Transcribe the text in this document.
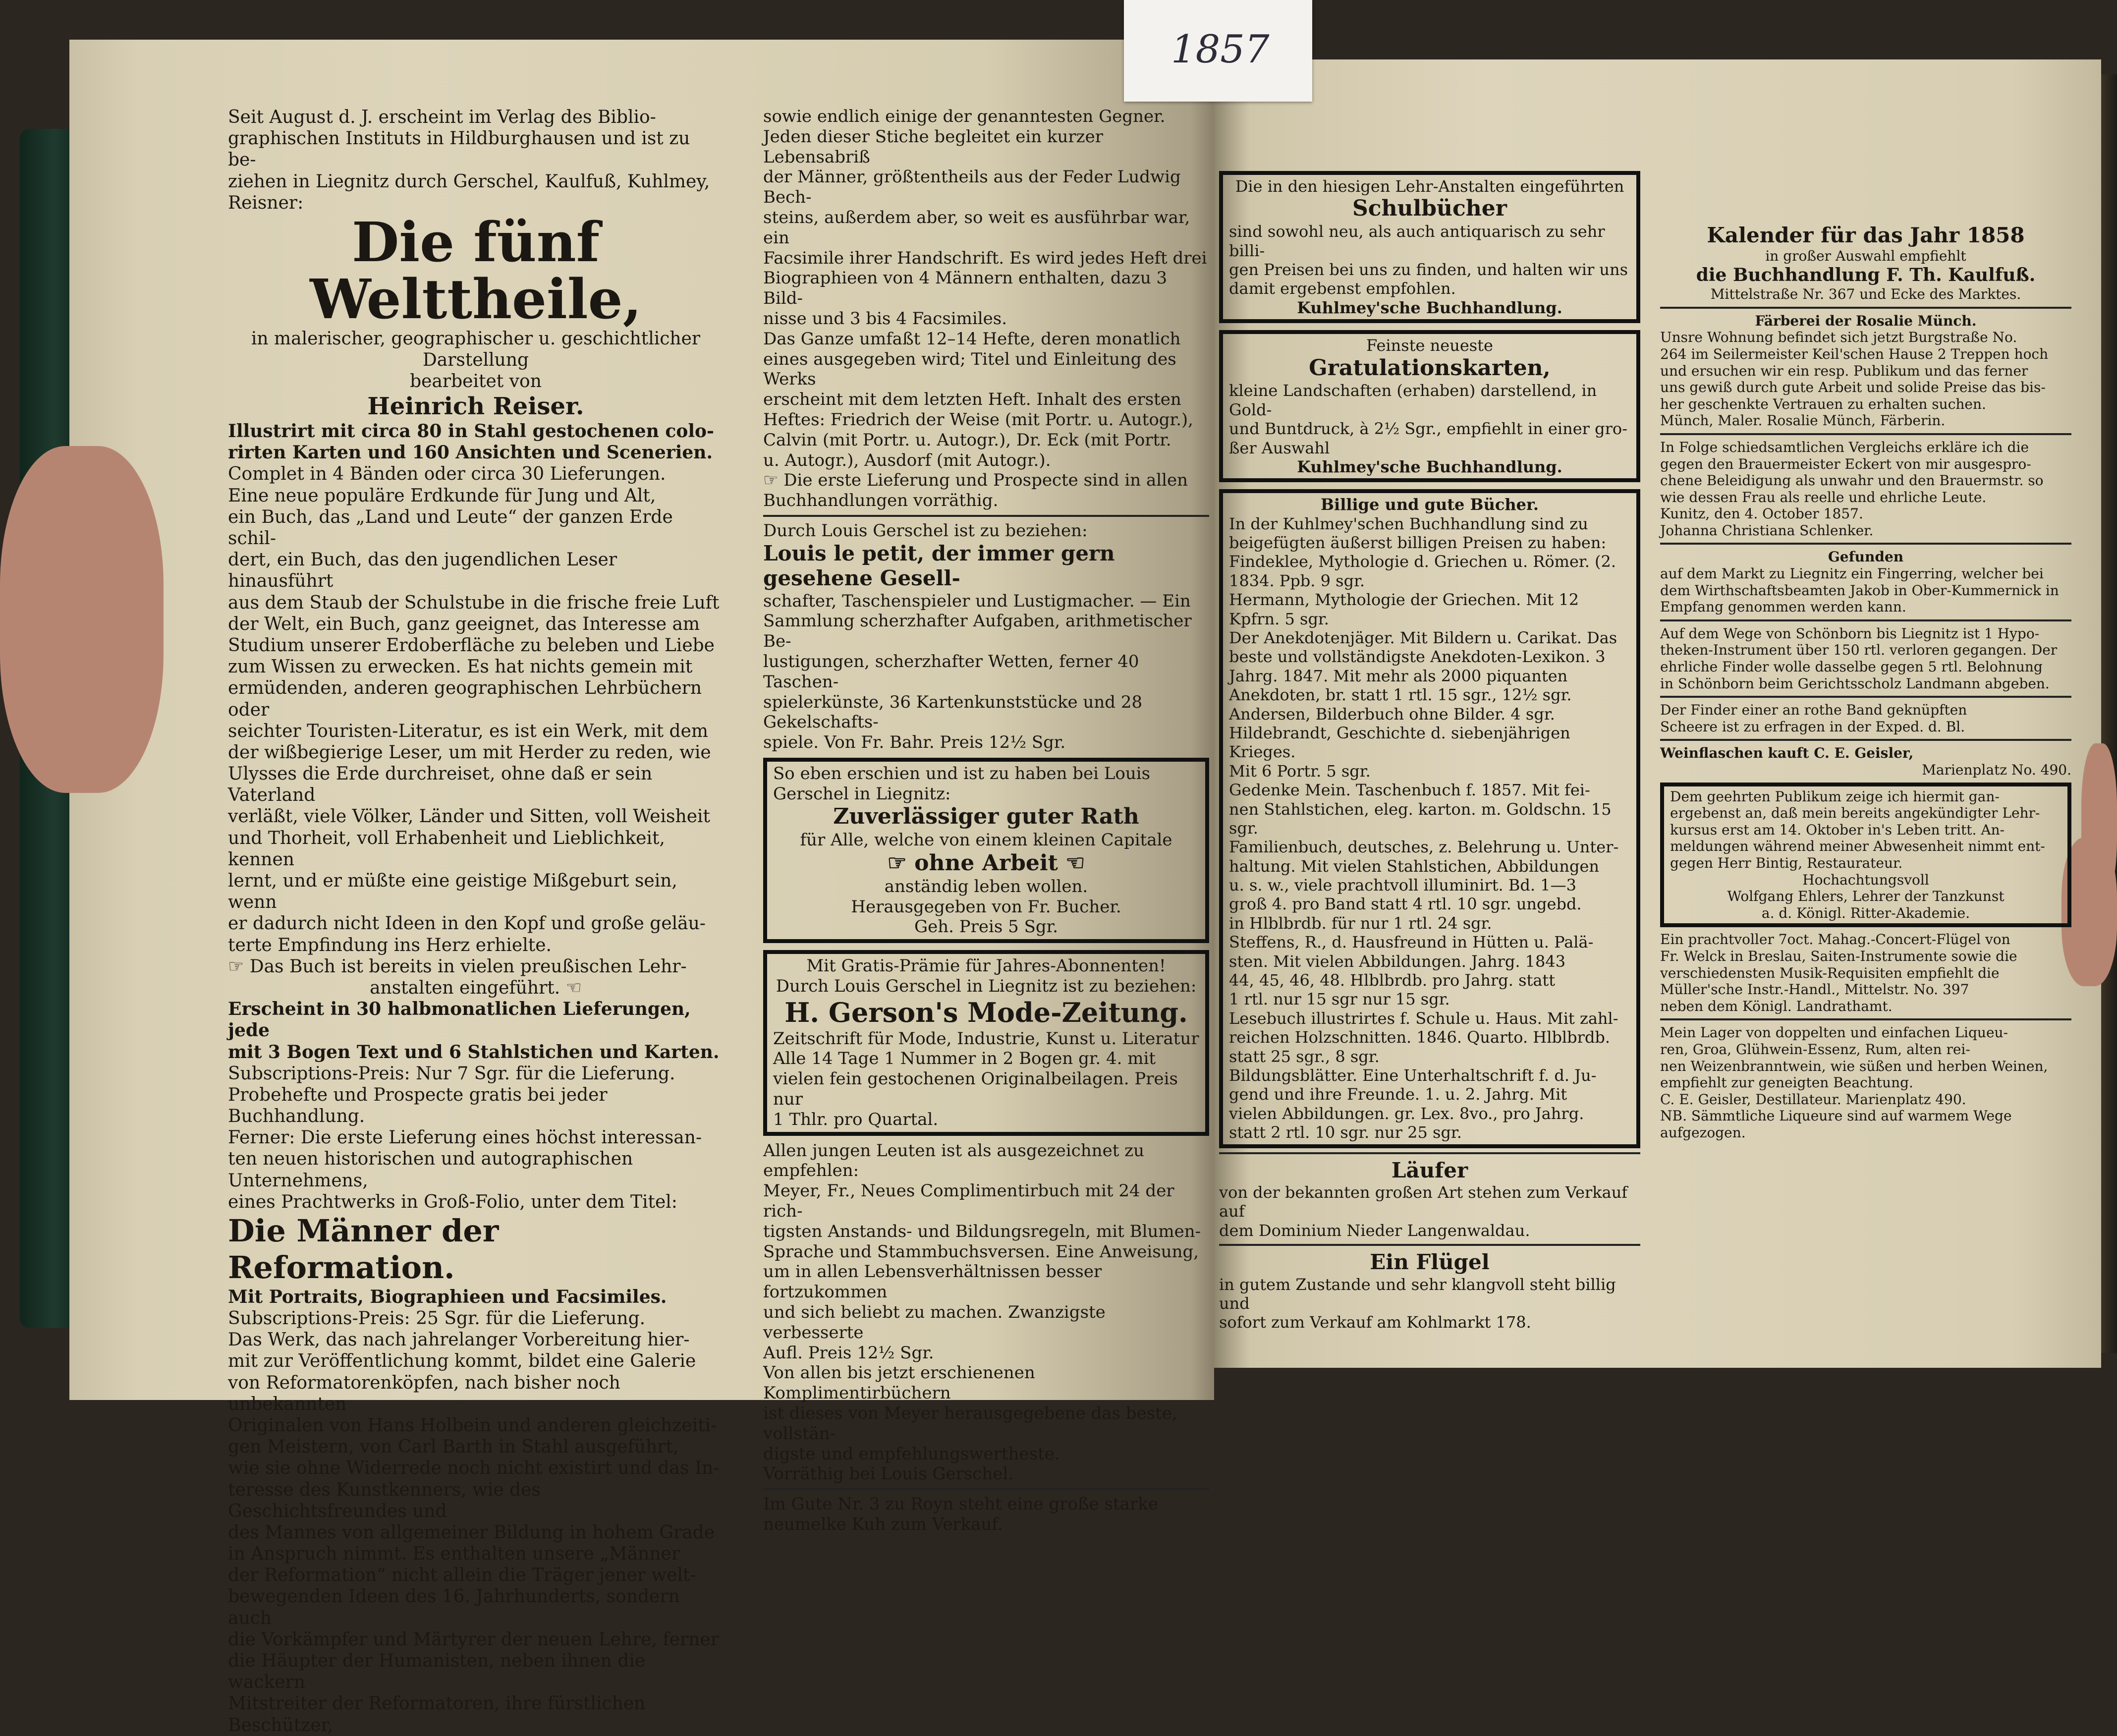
1857

Seit August d. J. erscheint im Verlag des Biblio-

graphischen Instituts in Hildburghausen und ist zu be-

ziehen in Liegnitz durch Gerschel, Kaulfuß, Kuhlmey,

Reisner:

Die fünf Welttheile,

in malerischer, geographischer u. geschichtlicher Darstellung

bearbeitet von

Heinrich Reiser.

Illustrirt mit circa 80 in Stahl gestochenen colo-

rirten Karten und 160 Ansichten und Scenerien.

Complet in 4 Bänden oder circa 30 Lieferungen.

Eine neue populäre Erdkunde für Jung und Alt,

ein Buch, das „Land und Leute“ der ganzen Erde schil-

dert, ein Buch, das den jugendlichen Leser hinausführt

aus dem Staub der Schulstube in die frische freie Luft

der Welt, ein Buch, ganz geeignet, das Interesse am

Studium unserer Erdoberfläche zu beleben und Liebe

zum Wissen zu erwecken. Es hat nichts gemein mit

ermüdenden, anderen geographischen Lehrbüchern oder

seichter Touristen-Literatur, es ist ein Werk, mit dem

der wißbegierige Leser, um mit Herder zu reden, wie

Ulysses die Erde durchreiset, ohne daß er sein Vaterland

verläßt, viele Völker, Länder und Sitten, voll Weisheit

und Thorheit, voll Erhabenheit und Lieblichkeit, kennen

lernt, und er müßte eine geistige Mißgeburt sein, wenn

er dadurch nicht Ideen in den Kopf und große geläu-

terte Empfindung ins Herz erhielte.

☞ Das Buch ist bereits in vielen preußischen Lehr-

anstalten eingeführt. ☜

Erscheint in 30 halbmonatlichen Lieferungen, jede

mit 3 Bogen Text und 6 Stahlstichen und Karten.

Subscriptions-Preis: Nur 7 Sgr. für die Lieferung.

Probehefte und Prospecte gratis bei jeder Buchhandlung.

Ferner: Die erste Lieferung eines höchst interessan-

ten neuen historischen und autographischen Unternehmens,

eines Prachtwerks in Groß-Folio, unter dem Titel:

Die Männer der Reformation.

Mit Portraits, Biographieen und Facsimiles.

Subscriptions-Preis: 25 Sgr. für die Lieferung.

Das Werk, das nach jahrelanger Vorbereitung hier-

mit zur Veröffentlichung kommt, bildet eine Galerie

von Reformatorenköpfen, nach bisher noch unbekannten

Originalen von Hans Holbein und anderen gleichzeiti-

gen Meistern, von Carl Barth in Stahl ausgeführt,

wie sie ohne Widerrede noch nicht existirt und das In-

teresse des Kunstkenners, wie des Geschichtsfreundes und

des Mannes von allgemeiner Bildung in hohem Grade

in Anspruch nimmt. Es enthalten unsere „Männer

der Reformation“ nicht allein die Träger jener welt-

bewegenden Ideen des 16. Jahrhunderts, sondern auch

die Vorkämpfer und Märtyrer der neuen Lehre, ferner

die Häupter der Humanisten, neben ihnen die wackern

Mitstreiter der Reformatoren, ihre fürstlichen Beschützer,

sowie endlich einige der genanntesten Gegner.

Jeden dieser Stiche begleitet ein kurzer Lebensabriß

der Männer, größtentheils aus der Feder Ludwig Bech-

steins, außerdem aber, so weit es ausführbar war, ein

Facsimile ihrer Handschrift. Es wird jedes Heft drei

Biographieen von 4 Männern enthalten, dazu 3 Bild-

nisse und 3 bis 4 Facsimiles.

Das Ganze umfaßt 12–14 Hefte, deren monatlich

eines ausgegeben wird; Titel und Einleitung des Werks

erscheint mit dem letzten Heft. Inhalt des ersten

Heftes: Friedrich der Weise (mit Portr. u. Autogr.),

Calvin (mit Portr. u. Autogr.), Dr. Eck (mit Portr.

u. Autogr.), Ausdorf (mit Autogr.).

☞ Die erste Lieferung und Prospecte sind in allen

Buchhandlungen vorräthig.

Durch Louis Gerschel ist zu beziehen:

Louis le petit, der immer gern gesehene Gesell-

schafter, Taschenspieler und Lustigmacher. — Ein

Sammlung scherzhafter Aufgaben, arithmetischer Be-

lustigungen, scherzhafter Wetten, ferner 40 Taschen-

spielerkünste, 36 Kartenkunststücke und 28 Gekelschafts-

spiele. Von Fr. Bahr. Preis 12½ Sgr.

So eben erschien und ist zu haben bei Louis

Gerschel in Liegnitz:

Zuverlässiger guter Rath

für Alle, welche von einem kleinen Capitale

☞ ohne Arbeit ☜

anständig leben wollen.

Herausgegeben von Fr. Bucher.

Geh. Preis 5 Sgr.

Mit Gratis-Prämie für Jahres-Abonnenten!

Durch Louis Gerschel in Liegnitz ist zu beziehen:

H. Gerson's Mode-Zeitung.

Zeitschrift für Mode, Industrie, Kunst u. Literatur

Alle 14 Tage 1 Nummer in 2 Bogen gr. 4. mit

vielen fein gestochenen Originalbeilagen. Preis nur

1 Thlr. pro Quartal.

Allen jungen Leuten ist als ausgezeichnet zu empfehlen:

Meyer, Fr., Neues Complimentirbuch mit 24 der rich-

tigsten Anstands- und Bildungsregeln, mit Blumen-

Sprache und Stammbuchsversen. Eine Anweisung,

um in allen Lebensverhältnissen besser fortzukommen

und sich beliebt zu machen. Zwanzigste verbesserte

Aufl. Preis 12½ Sgr.

Von allen bis jetzt erschienenen Komplimentirbüchern

ist dieses von Meyer herausgegebene das beste, vollstän-

digste und empfehlungswertheste.

Vorräthig bei Louis Gerschel.

Im Gute Nr. 3 zu Royn steht eine große starke

neumelke Kuh zum Verkauf.

Die in den hiesigen Lehr-Anstalten eingeführten

Schulbücher

sind sowohl neu, als auch antiquarisch zu sehr billi-

gen Preisen bei uns zu finden, und halten wir uns

damit ergebenst empfohlen.

Kuhlmey'sche Buchhandlung.

Feinste neueste

Gratulationskarten,

kleine Landschaften (erhaben) darstellend, in Gold-

und Buntdruck, à 2½ Sgr., empfiehlt in einer gro-

ßer Auswahl

Kuhlmey'sche Buchhandlung.

Billige und gute Bücher.

In der Kuhlmey'schen Buchhandlung sind zu

beigefügten äußerst billigen Preisen zu haben:

Findeklee, Mythologie d. Griechen u. Römer. (2.

1834. Ppb. 9 sgr.

Hermann, Mythologie der Griechen. Mit 12

Kpfrn. 5 sgr.

Der Anekdotenjäger. Mit Bildern u. Carikat. Das

beste und vollständigste Anekdoten-Lexikon. 3

Jahrg. 1847. Mit mehr als 2000 piquanten

Anekdoten, br. statt 1 rtl. 15 sgr., 12½ sgr.

Andersen, Bilderbuch ohne Bilder. 4 sgr.

Hildebrandt, Geschichte d. siebenjährigen Krieges.

Mit 6 Portr. 5 sgr.

Gedenke Mein. Taschenbuch f. 1857. Mit fei-

nen Stahlstichen, eleg. karton. m. Goldschn. 15 sgr.

Familienbuch, deutsches, z. Belehrung u. Unter-

haltung. Mit vielen Stahlstichen, Abbildungen

u. s. w., viele prachtvoll illuminirt. Bd. 1—3

groß 4. pro Band statt 4 rtl. 10 sgr. ungebd.

in Hlblbrdb. für nur 1 rtl. 24 sgr.

Steffens, R., d. Hausfreund in Hütten u. Palä-

sten. Mit vielen Abbildungen. Jahrg. 1843

44, 45, 46, 48. Hlblbrdb. pro Jahrg. statt

1 rtl. nur 15 sgr nur 15 sgr.

Lesebuch illustrirtes f. Schule u. Haus. Mit zahl-

reichen Holzschnitten. 1846. Quarto. Hlblbrdb.

statt 25 sgr., 8 sgr.

Bildungsblätter. Eine Unterhaltschrift f. d. Ju-

gend und ihre Freunde. 1. u. 2. Jahrg. Mit

vielen Abbildungen. gr. Lex. 8vo., pro Jahrg.

statt 2 rtl. 10 sgr. nur 25 sgr.

Läufer

von der bekannten großen Art stehen zum Verkauf auf

dem Dominium Nieder Langenwaldau.

Ein Flügel

in gutem Zustande und sehr klangvoll steht billig und

sofort zum Verkauf am Kohlmarkt 178.

Kalender für das Jahr 1858

in großer Auswahl empfiehlt

die Buchhandlung F. Th. Kaulfuß.

Mittelstraße Nr. 367 und Ecke des Marktes.

Färberei der Rosalie Münch.

Unsre Wohnung befindet sich jetzt Burgstraße No.

264 im Seilermeister Keil'schen Hause 2 Treppen hoch

und ersuchen wir ein resp. Publikum und das ferner

uns gewiß durch gute Arbeit und solide Preise das bis-

her geschenkte Vertrauen zu erhalten suchen.

Münch, Maler. Rosalie Münch, Färberin.

In Folge schiedsamtlichen Vergleichs erkläre ich die

gegen den Brauermeister Eckert von mir ausgespro-

chene Beleidigung als unwahr und den Brauermstr. so

wie dessen Frau als reelle und ehrliche Leute.

Kunitz, den 4. October 1857.

Johanna Christiana Schlenker.

Gefunden

auf dem Markt zu Liegnitz ein Fingerring, welcher bei

dem Wirthschaftsbeamten Jakob in Ober-Kummernick in

Empfang genommen werden kann.

Auf dem Wege von Schönborn bis Liegnitz ist 1 Hypo-

theken-Instrument über 150 rtl. verloren gegangen. Der

ehrliche Finder wolle dasselbe gegen 5 rtl. Belohnung

in Schönborn beim Gerichtsscholz Landmann abgeben.

Der Finder einer an rothe Band geknüpften

Scheere ist zu erfragen in der Exped. d. Bl.

Weinflaschen kauft C. E. Geisler,

Marienplatz No. 490.

Dem geehrten Publikum zeige ich hiermit gan-

ergebenst an, daß mein bereits angekündigter Lehr-

kursus erst am 14. Oktober in's Leben tritt. An-

meldungen während meiner Abwesenheit nimmt ent-

gegen Herr Bintig, Restaurateur.

Hochachtungsvoll

Wolfgang Ehlers, Lehrer der Tanzkunst

a. d. Königl. Ritter-Akademie.

Ein prachtvoller 7oct. Mahag.-Concert-Flügel von

Fr. Welck in Breslau, Saiten-Instrumente sowie die

verschiedensten Musik-Requisiten empfiehlt die

Müller'sche Instr.-Handl., Mittelstr. No. 397

neben dem Königl. Landrathamt.

Mein Lager von doppelten und einfachen Liqueu-

ren, Groa, Glühwein-Essenz, Rum, alten rei-

nen Weizenbranntwein, wie süßen und herben Weinen,

empfiehlt zur geneigten Beachtung.

C. E. Geisler, Destillateur. Marienplatz 490.

NB. Sämmtliche Liqueure sind auf warmem Wege

aufgezogen.
